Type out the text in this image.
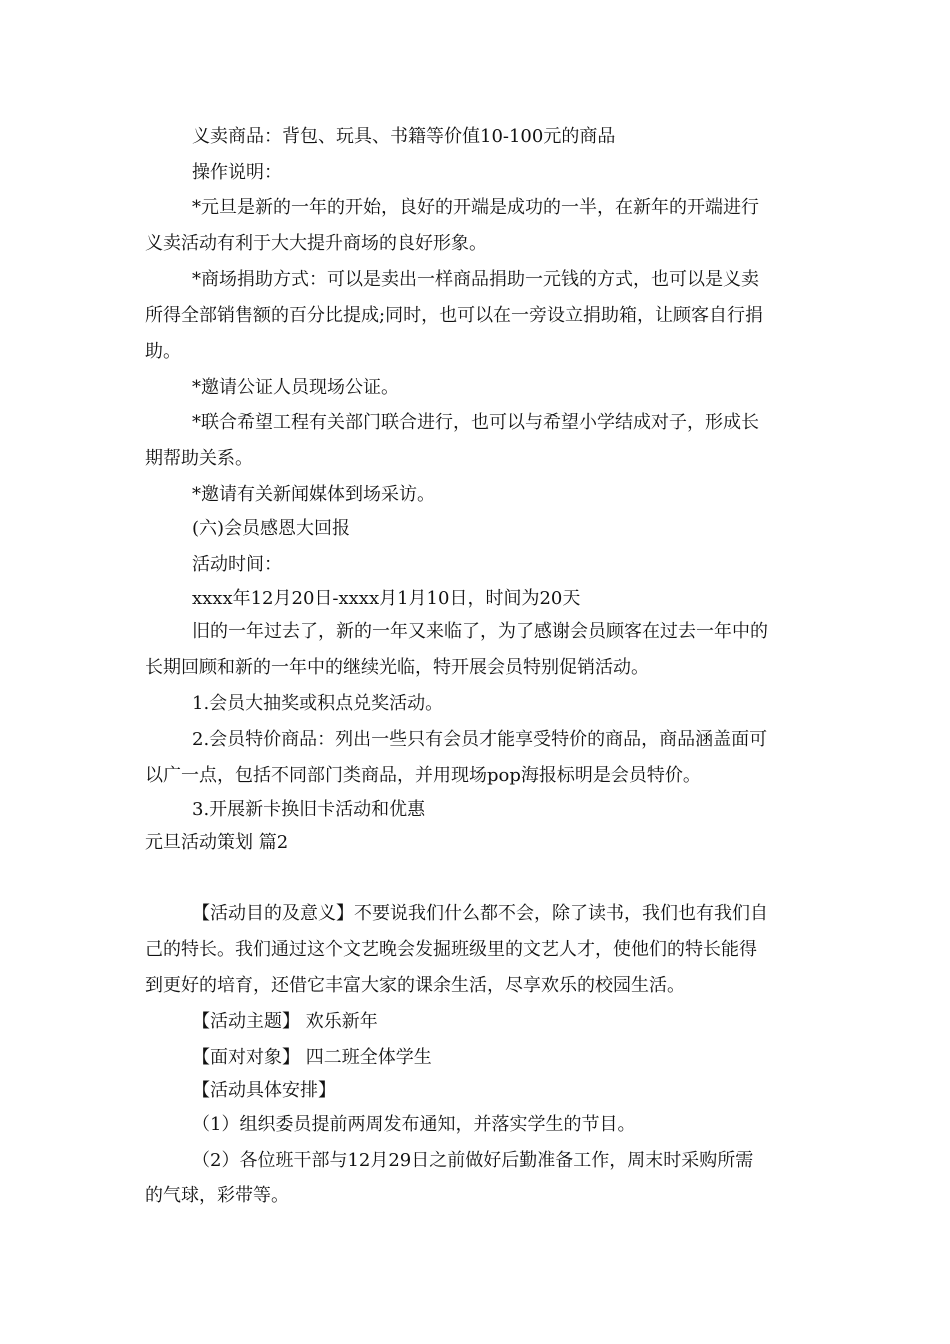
义卖商品：背包、玩具、书籍等价值10-100元的商品
操作说明：
*元旦是新的一年的开始，良好的开端是成功的一半，在新年的开端进行
义卖活动有利于大大提升商场的良好形象。
*商场捐助方式：可以是卖出一样商品捐助一元钱的方式，也可以是义卖
所得全部销售额的百分比提成;同时，也可以在一旁设立捐助箱，让顾客自行捐
助。
*邀请公证人员现场公证。
*联合希望工程有关部门联合进行，也可以与希望小学结成对子，形成长
期帮助关系。
*邀请有关新闻媒体到场采访。
(六)会员感恩大回报
活动时间：
xxxx年12月20日-xxxx月1月10日，时间为20天
旧的一年过去了，新的一年又来临了，为了感谢会员顾客在过去一年中的
长期回顾和新的一年中的继续光临，特开展会员特别促销活动。
1.会员大抽奖或积点兑奖活动。
2.会员特价商品：列出一些只有会员才能享受特价的商品，商品涵盖面可
以广一点，包括不同部门类商品，并用现场pop海报标明是会员特价。
3.开展新卡换旧卡活动和优惠
元旦活动策划 篇2
【活动目的及意义】不要说我们什么都不会，除了读书，我们也有我们自
己的特长。我们通过这个文艺晚会发掘班级里的文艺人才，使他们的特长能得
到更好的培育，还借它丰富大家的课余生活，尽享欢乐的校园生活。
【活动主题】 欢乐新年
【面对对象】 四二班全体学生
【活动具体安排】
（1）组织委员提前两周发布通知，并落实学生的节目。
（2）各位班干部与12月29日之前做好后勤准备工作，周末时采购所需
的气球，彩带等。
